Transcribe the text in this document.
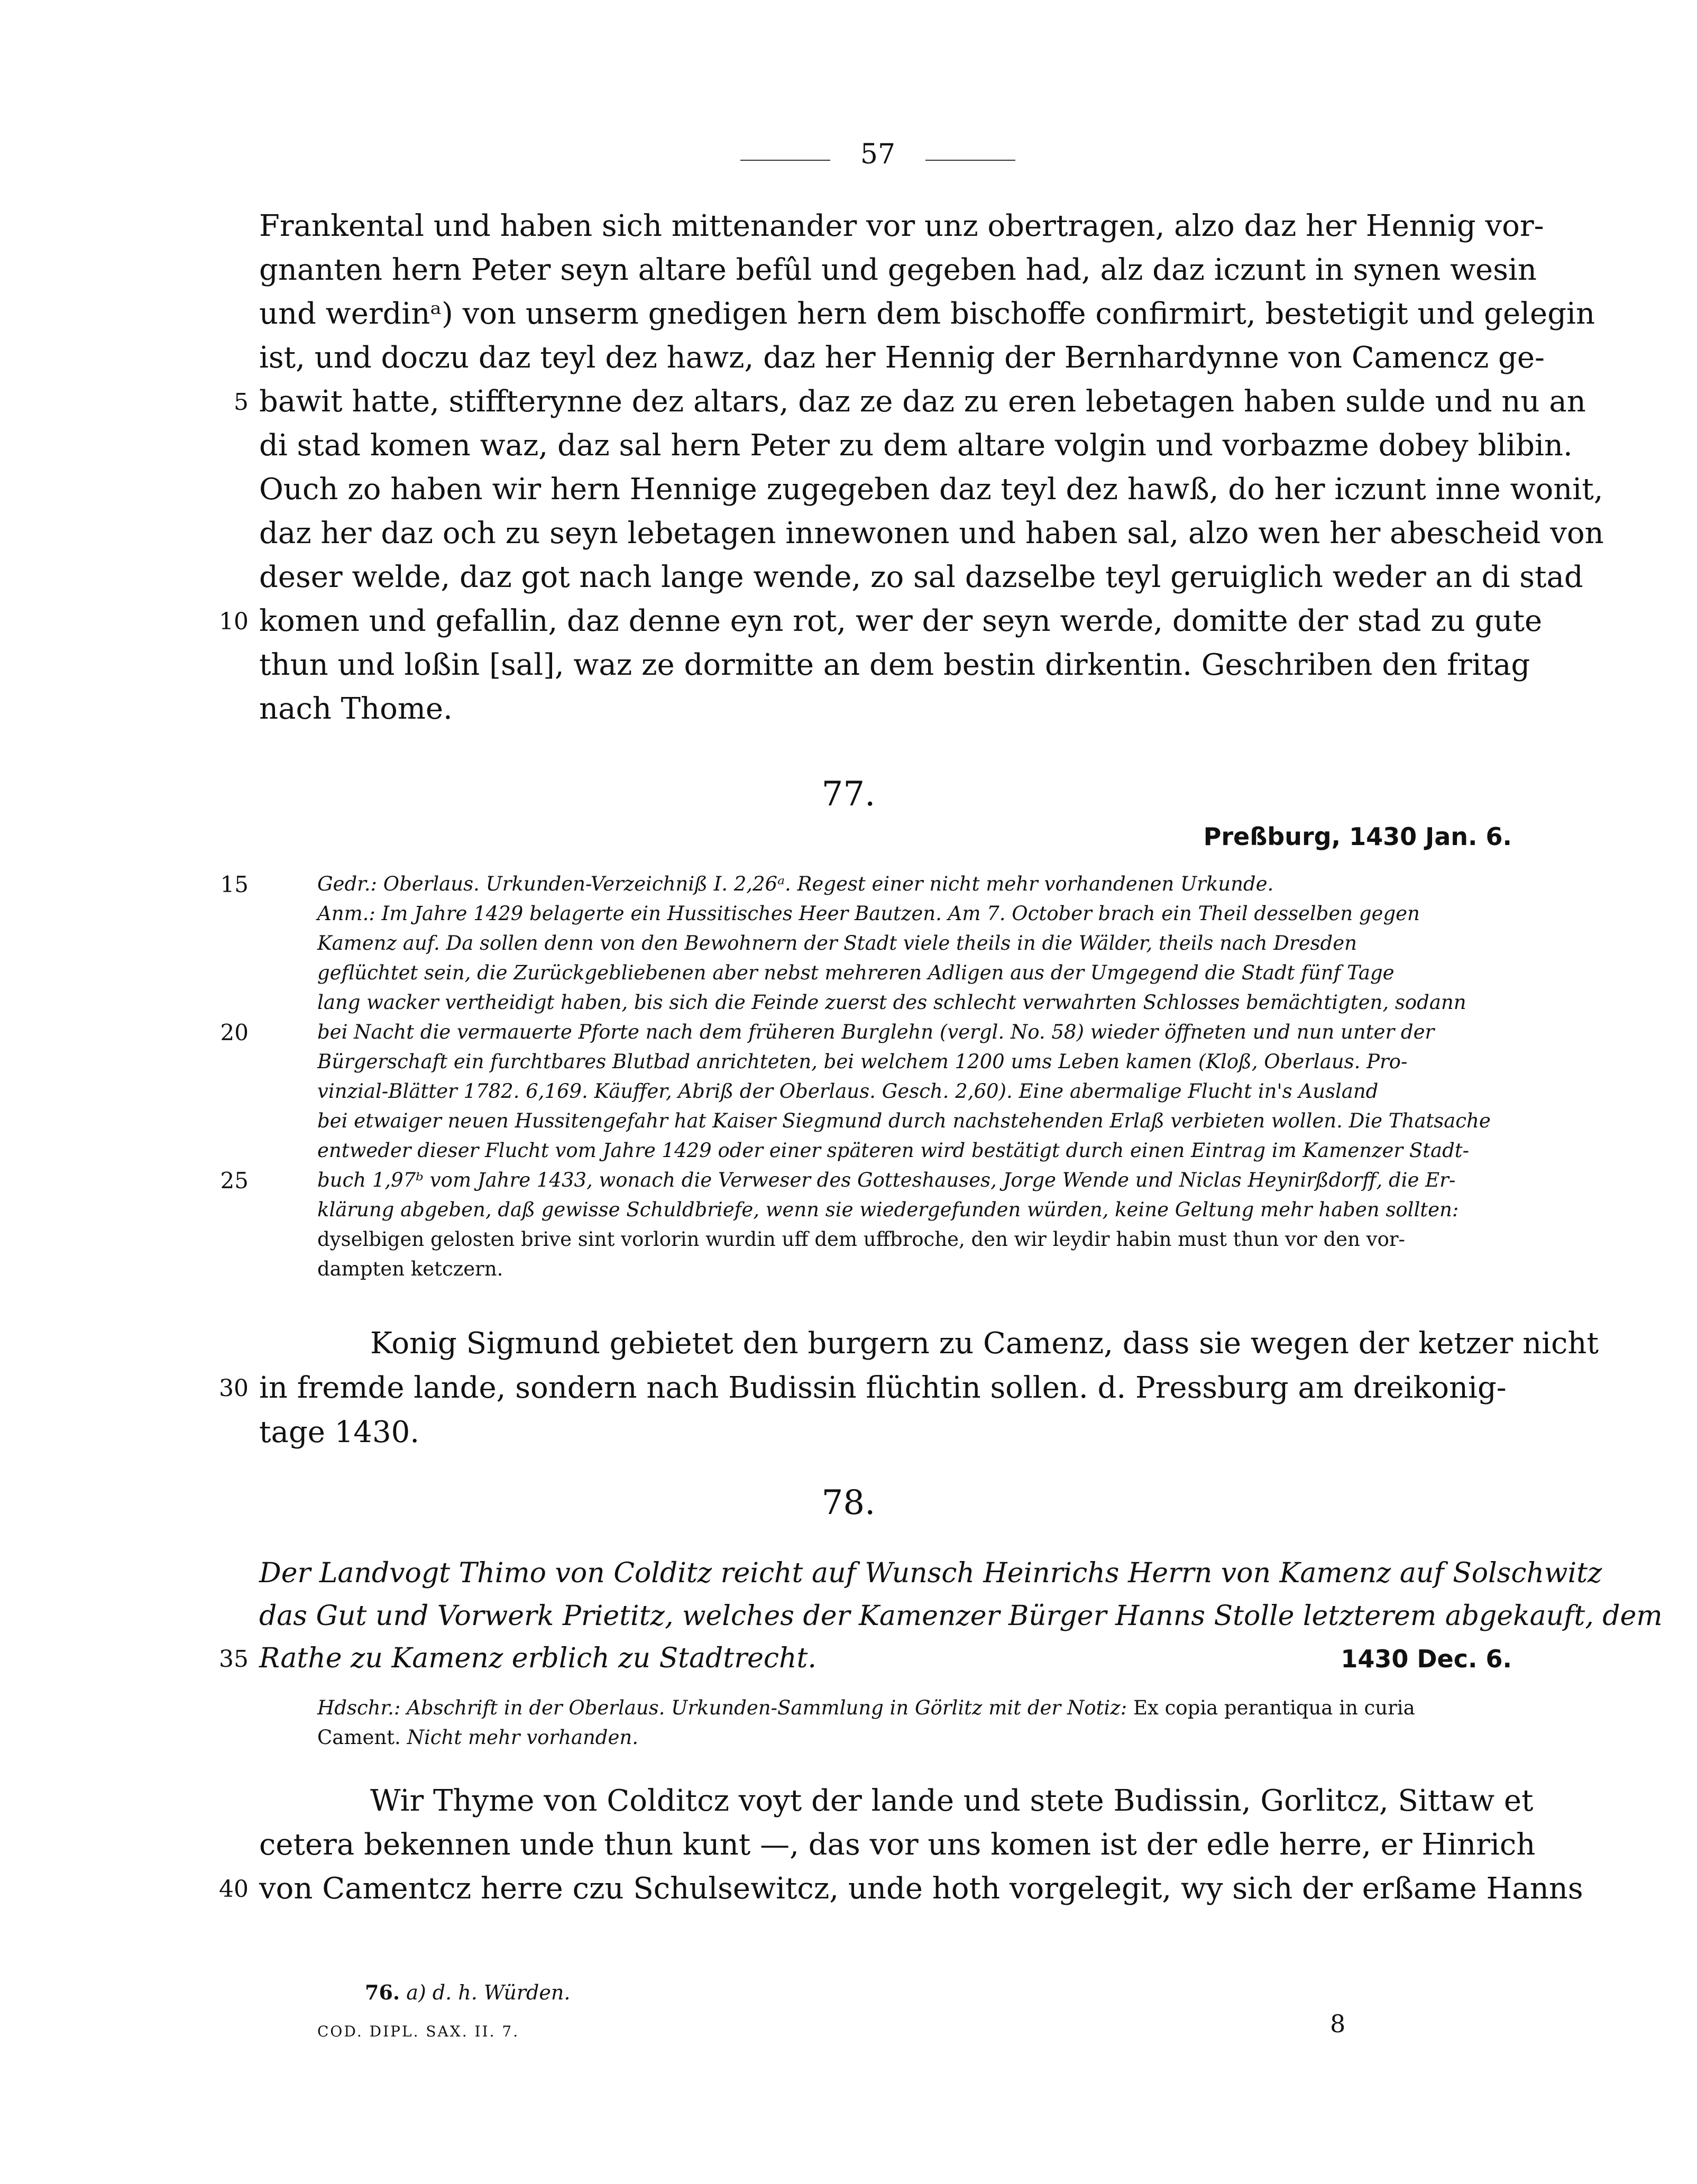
57
Frankental und haben sich mittenander vor unz obertragen, alzo daz her Hennig vor-
gnanten hern Peter seyn altare befûl und gegeben had, alz daz iczunt in synen wesin
und werdinᵃ) von unserm gnedigen hern dem bischoffe confirmirt, bestetigit und gelegin
ist, und doczu daz teyl dez hawz, daz her Hennig der Bernhardynne von Camencz ge-
5 bawit hatte, stiffterynne dez altars, daz ze daz zu eren lebetagen haben sulde und nu an
di stad komen waz, daz sal hern Peter zu dem altare volgin und vorbazme dobey blibin.
Ouch zo haben wir hern Hennige zugegeben daz teyl dez hawß, do her iczunt inne wonit,
daz her daz och zu seyn lebetagen innewonen und haben sal, alzo wen her abescheid von
deser welde, daz got nach lange wende, zo sal dazselbe teyl geruiglich weder an di stad
10 komen und gefallin, daz denne eyn rot, wer der seyn werde, domitte der stad zu gute
thun und loßin [sal], waz ze dormitte an dem bestin dirkentin. Geschriben den fritag
nach Thome.
77.
Preßburg, 1430 Jan. 6.
15	Gedr.: Oberlaus. Urkunden-Verzeichniß I. 2,26ᵃ. Regest einer nicht mehr vorhandenen Urkunde.
Anm.: Im Jahre 1429 belagerte ein Hussitisches Heer Bautzen. Am 7. October brach ein Theil desselben gegen
Kamenz auf. Da sollen denn von den Bewohnern der Stadt viele theils in die Wälder, theils nach Dresden
geflüchtet sein, die Zurückgebliebenen aber nebst mehreren Adligen aus der Umgegend die Stadt fünf Tage
lang wacker vertheidigt haben, bis sich die Feinde zuerst des schlecht verwahrten Schlosses bemächtigten, sodann
20	bei Nacht die vermauerte Pforte nach dem früheren Burglehn (vergl. No. 58) wieder öffneten und nun unter der
Bürgerschaft ein furchtbares Blutbad anrichteten, bei welchem 1200 ums Leben kamen (Kloß, Oberlaus. Pro-
vinzial-Blätter 1782. 6,169. Käuffer, Abriß der Oberlaus. Gesch. 2,60). Eine abermalige Flucht in's Ausland
bei etwaiger neuen Hussitengefahr hat Kaiser Siegmund durch nachstehenden Erlaß verbieten wollen. Die Thatsache
entweder dieser Flucht vom Jahre 1429 oder einer späteren wird bestätigt durch einen Eintrag im Kamenzer Stadt-
25	buch 1,97ᵇ vom Jahre 1433, wonach die Verweser des Gotteshauses, Jorge Wende und Niclas Heynirßdorff, die Er-
klärung abgeben, daß gewisse Schuldbriefe, wenn sie wiedergefunden würden, keine Geltung mehr haben sollten:
dyselbigen gelosten brive sint vorlorin wurdin uff dem uffbroche, den wir leydir habin must thun vor den vor-
dampten ketczern.
Konig Sigmund gebietet den burgern zu Camenz, dass sie wegen der ketzer nicht
30 in fremde lande, sondern nach Budissin flüchtin sollen. d. Pressburg am dreikonig-
tage 1430.
78.
Der Landvogt Thimo von Colditz reicht auf Wunsch Heinrichs Herrn von Kamenz auf Solschwitz
das Gut und Vorwerk Prietitz, welches der Kamenzer Bürger Hanns Stolle letzterem abgekauft, dem
35 Rathe zu Kamenz erblich zu Stadtrecht.	1430 Dec. 6.
Hdschr.: Abschrift in der Oberlaus. Urkunden-Sammlung in Görlitz mit der Notiz: Ex copia perantiqua in curia
Cament. Nicht mehr vorhanden.
Wir Thyme von Colditcz voyt der lande und stete Budissin, Gorlitcz, Sittaw et
cetera bekennen unde thun kunt —, das vor uns komen ist der edle herre, er Hinrich
40 von Camentcz herre czu Schulsewitcz, unde hoth vorgelegit, wy sich der erßame Hanns
76. a) d. h. Würden.
COD. DIPL. SAX. II. 7.	8
